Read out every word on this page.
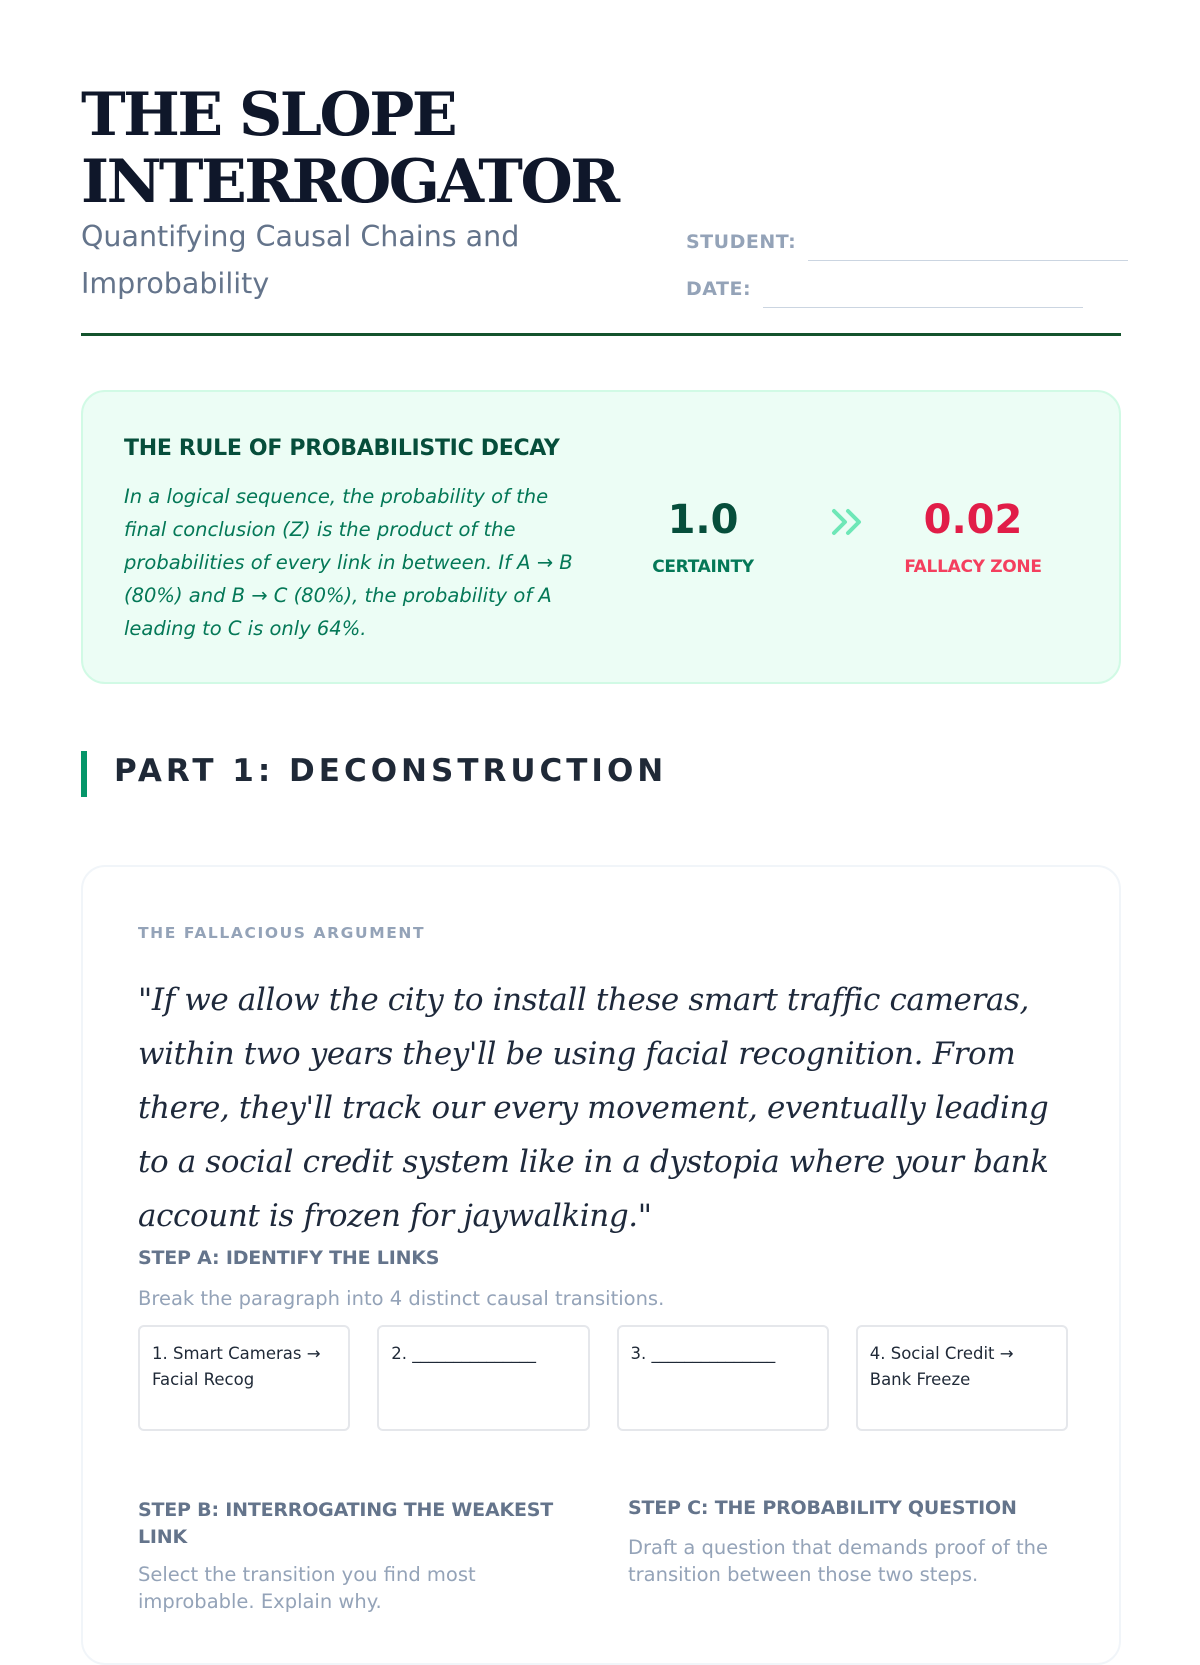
THE SLOPE INTERROGATOR
Quantifying Causal Chains and Improbability
STUDENT:
DATE:
THE RULE OF PROBABILISTIC DECAY

In a logical sequence, the probability of the final conclusion (Z) is the product of the probabilities of every link in between. If A → B (80%) and B → C (80%), the probability of A leading to C is only 64%.

1.0
CERTAINTY
0.02
FALLACY ZONE
PART 1: DECONSTRUCTION
THE FALLACIOUS ARGUMENT
"If we allow the city to install these smart traffic cameras, within two years they'll be using facial recognition. From there, they'll track our every movement, eventually leading to a social credit system like in a dystopia where your bank account is frozen for jaywalking."
STEP A: IDENTIFY THE LINKS
Break the paragraph into 4 distinct causal transitions.
1. Smart Cameras → Facial Recog
2. _______________	3. _______________	4. Social Credit → Bank Freeze
STEP B: INTERROGATING THE WEAKEST LINK
Select the transition you find most improbable. Explain why.
STEP C: THE PROBABILITY QUESTION
Draft a question that demands proof of the transition between those two steps.
